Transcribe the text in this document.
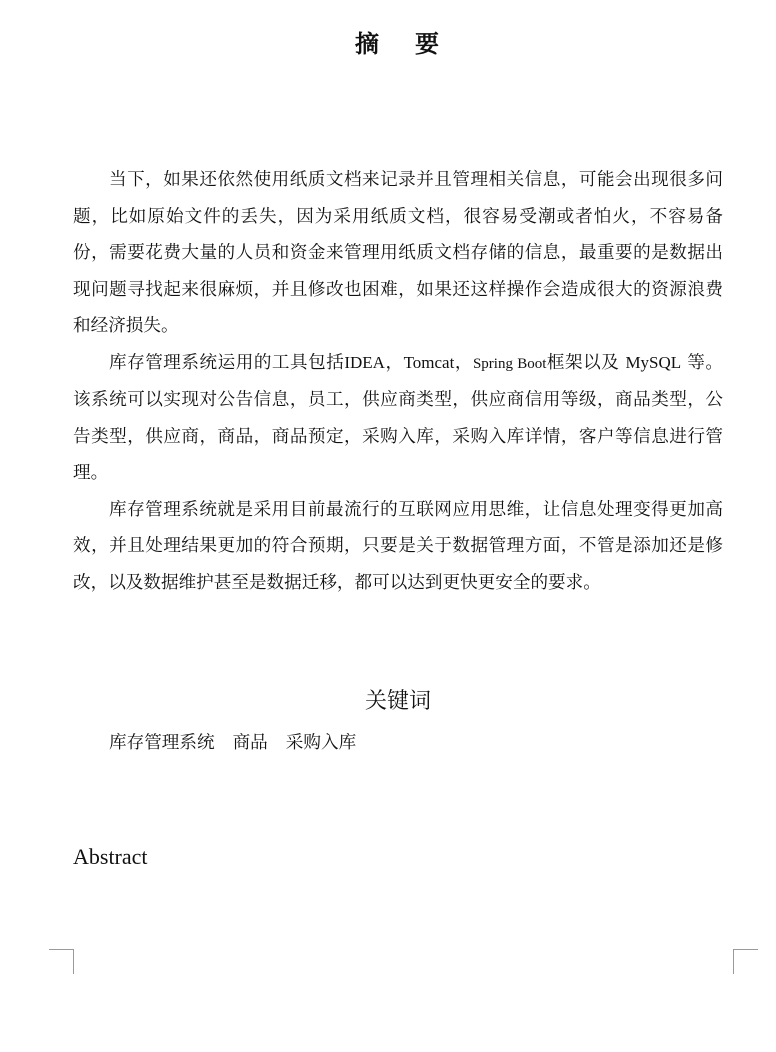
摘 要

当下，如果还依然使用纸质文档来记录并且管理相关信息，可能会出现很多问题，比如原始文件的丢失，因为采用纸质文档，很容易受潮或者怕火，不容易备份，需要花费大量的人员和资金来管理用纸质文档存储的信息，最重要的是数据出现问题寻找起来很麻烦，并且修改也困难，如果还这样操作会造成很大的资源浪费和经济损失。

库存管理系统运用的工具包括IDEA，Tomcat，Spring Boot框架以及 MySQL 等。该系统可以实现对公告信息，员工，供应商类型，供应商信用等级，商品类型，公告类型，供应商，商品，商品预定，采购入库，采购入库详情，客户等信息进行管理。

库存管理系统就是采用目前最流行的互联网应用思维，让信息处理变得更加高效，并且处理结果更加的符合预期，只要是关于数据管理方面，不管是添加还是修改，以及数据维护甚至是数据迁移，都可以达到更快更安全的要求。

关键词
库存管理系统 商品 采购入库
Abstract
